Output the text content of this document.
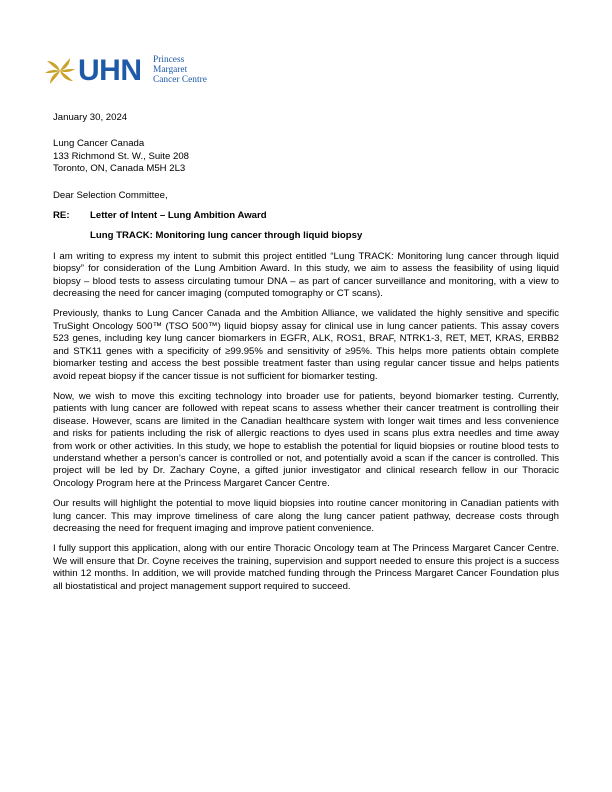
UHN Princess
Margaret
Cancer Centre
January 30, 2024
Lung Cancer Canada
133 Richmond St. W., Suite 208
Toronto, ON, Canada M5H 2L3
Dear Selection Committee,
RE:	Letter of Intent – Lung Ambition Award
Lung TRACK: Monitoring lung cancer through liquid biopsy

I am writing to express my intent to submit this project entitled “Lung TRACK: Monitoring lung cancer through liquid biopsy” for consideration of the Lung Ambition Award. In this study, we aim to assess the feasibility of using liquid biopsy – blood tests to assess circulating tumour DNA – as part of cancer surveillance and monitoring, with a view to decreasing the need for cancer imaging (computed tomography or CT scans).

Previously, thanks to Lung Cancer Canada and the Ambition Alliance, we validated the highly sensitive and specific TruSight Oncology 500™ (TSO 500™) liquid biopsy assay for clinical use in lung cancer patients. This assay covers 523 genes, including key lung cancer biomarkers in EGFR, ALK, ROS1, BRAF, NTRK1-3, RET, MET, KRAS, ERBB2 and STK11 genes with a specificity of ≥99.95% and sensitivity of ≥95%. This helps more patients obtain complete biomarker testing and access the best possible treatment faster than using regular cancer tissue and helps patients avoid repeat biopsy if the cancer tissue is not sufficient for biomarker testing.

Now, we wish to move this exciting technology into broader use for patients, beyond biomarker testing. Currently, patients with lung cancer are followed with repeat scans to assess whether their cancer treatment is controlling their disease. However, scans are limited in the Canadian healthcare system with longer wait times and less convenience and risks for patients including the risk of allergic reactions to dyes used in scans plus extra needles and time away from work or other activities. In this study, we hope to establish the potential for liquid biopsies or routine blood tests to understand whether a person’s cancer is controlled or not, and potentially avoid a scan if the cancer is controlled. This project will be led by Dr. Zachary Coyne, a gifted junior investigator and clinical research fellow in our Thoracic Oncology Program here at the Princess Margaret Cancer Centre.

Our results will highlight the potential to move liquid biopsies into routine cancer monitoring in Canadian patients with lung cancer. This may improve timeliness of care along the lung cancer patient pathway, decrease costs through decreasing the need for frequent imaging and improve patient convenience.

I fully support this application, along with our entire Thoracic Oncology team at The Princess Margaret Cancer Centre. We will ensure that Dr. Coyne receives the training, supervision and support needed to ensure this project is a success within 12 months. In addition, we will provide matched funding through the Princess Margaret Cancer Foundation plus all biostatistical and project management support required to succeed.
